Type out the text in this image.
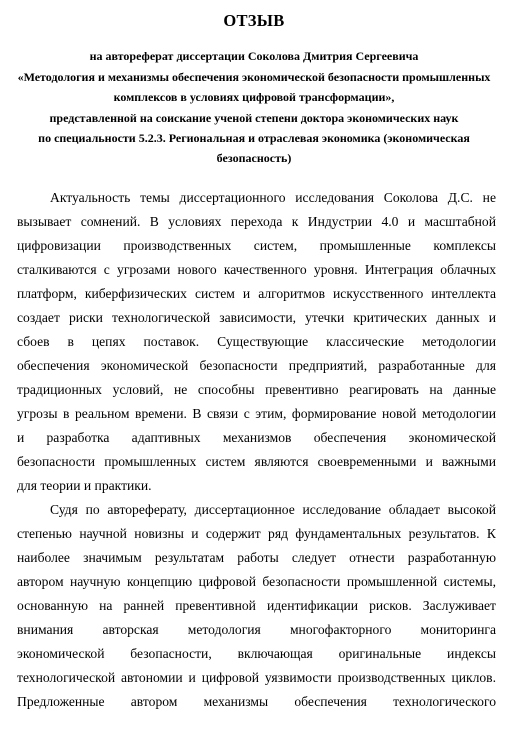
ОТЗЫВ
на автореферат диссертации Соколова Дмитрия Сергеевича
«Методология и механизмы обеспечения экономической безопасности промышленных
комплексов в условиях цифровой трансформации»,
представленной на соискание ученой степени доктора экономических наук
по специальности 5.2.3. Региональная и отраслевая экономика (экономическая
безопасность)
Актуальность темы диссертационного исследования Соколова Д.С. не
вызывает сомнений. В условиях перехода к Индустрии 4.0 и масштабной
цифровизации производственных систем, промышленные комплексы
сталкиваются с угрозами нового качественного уровня. Интеграция облачных
платформ, киберфизических систем и алгоритмов искусственного интеллекта
создает риски технологической зависимости, утечки критических данных и
сбоев в цепях поставок. Существующие классические методологии
обеспечения экономической безопасности предприятий, разработанные для
традиционных условий, не способны превентивно реагировать на данные
угрозы в реальном времени. В связи с этим, формирование новой методологии
и разработка адаптивных механизмов обеспечения экономической
безопасности промышленных систем являются своевременными и важными
для теории и практики.
Судя по автореферату, диссертационное исследование обладает высокой
степенью научной новизны и содержит ряд фундаментальных результатов. К
наиболее значимым результатам работы следует отнести разработанную
автором научную концепцию цифровой безопасности промышленной системы,
основанную на ранней превентивной идентификации рисков. Заслуживает
внимания авторская методология многофакторного мониторинга
экономической безопасности, включающая оригинальные индексы
технологической автономии и цифровой уязвимости производственных циклов.
Предложенные автором механизмы обеспечения технологического
